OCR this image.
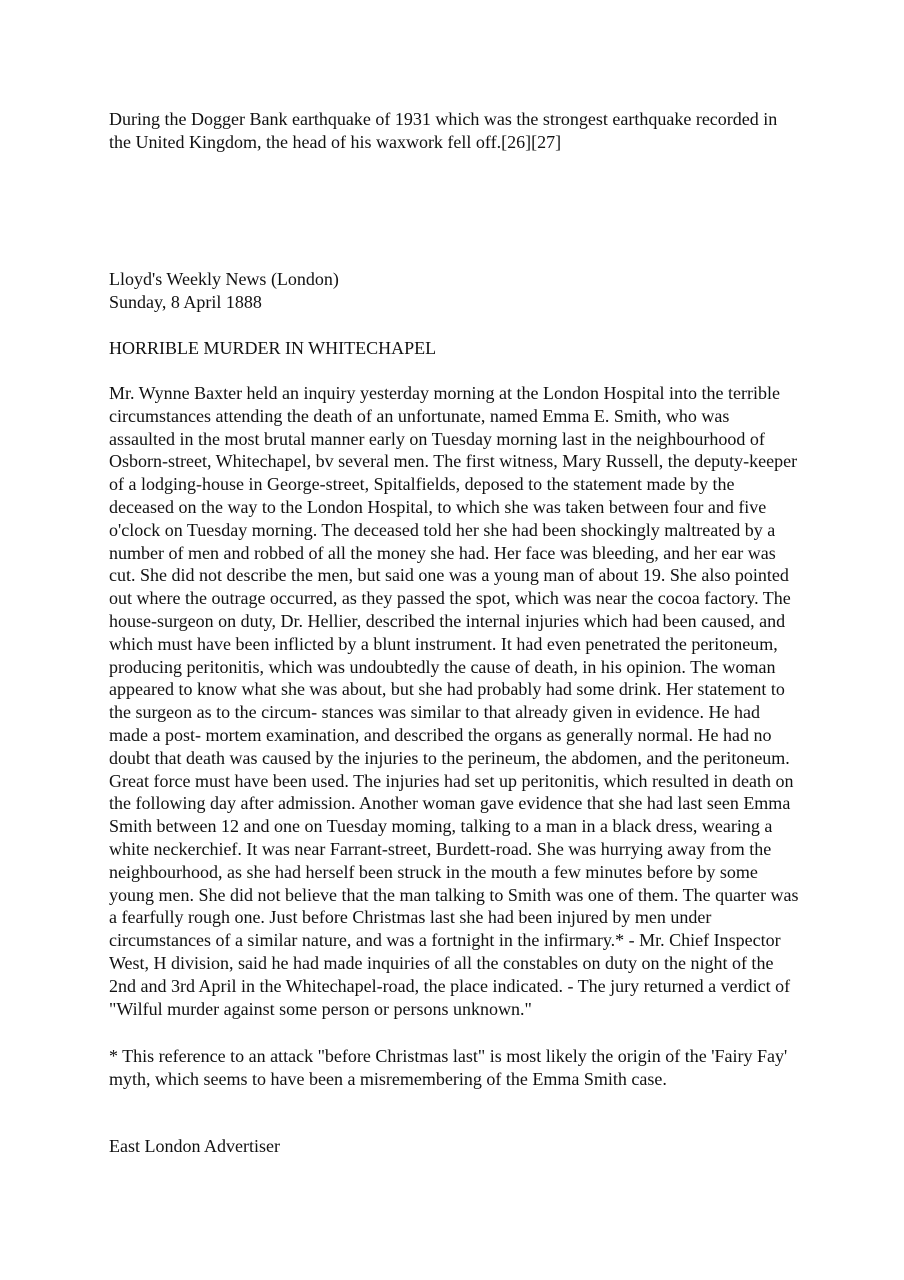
During the Dogger Bank earthquake of 1931 which was the strongest earthquake recorded in the United Kingdom, the head of his waxwork fell off.[26][27]

Lloyd's Weekly News (London)
Sunday, 8 April 1888

HORRIBLE MURDER IN WHITECHAPEL

Mr. Wynne Baxter held an inquiry yesterday morning at the London Hospital into the terrible circumstances attending the death of an unfortunate, named Emma E. Smith, who was assaulted in the most brutal manner early on Tuesday morning last in the neighbourhood of Osborn-street, Whitechapel, bv several men. The first witness, Mary Russell, the deputy-keeper of a lodging-house in George-street, Spitalfields, deposed to the statement made by the deceased on the way to the London Hospital, to which she was taken between four and five o'clock on Tuesday morning. The deceased told her she had been shockingly maltreated by a number of men and robbed of all the money she had. Her face was bleeding, and her ear was cut. She did not describe the men, but said one was a young man of about 19. She also pointed out where the outrage occurred, as they passed the spot, which was near the cocoa factory. The house-surgeon on duty, Dr. Hellier, described the internal injuries which had been caused, and which must have been inflicted by a blunt instrument. It had even penetrated the peritoneum, producing peritonitis, which was undoubtedly the cause of death, in his opinion. The woman appeared to know what she was about, but she had probably had some drink. Her statement to the surgeon as to the circum- stances was similar to that already given in evidence. He had made a post- mortem examination, and described the organs as generally normal. He had no doubt that death was caused by the injuries to the perineum, the abdomen, and the peritoneum. Great force must have been used. The injuries had set up peritonitis, which resulted in death on the following day after admission. Another woman gave evidence that she had last seen Emma Smith between 12 and one on Tuesday moming, talking to a man in a black dress, wearing a white neckerchief. It was near Farrant-street, Burdett-road. She was hurrying away from the neighbourhood, as she had herself been struck in the mouth a few minutes before by some young men. She did not believe that the man talking to Smith was one of them. The quarter was a fearfully rough one. Just before Christmas last she had been injured by men under circumstances of a similar nature, and was a fortnight in the infirmary.* - Mr. Chief Inspector West, H division, said he had made inquiries of all the constables on duty on the night of the 2nd and 3rd April in the Whitechapel-road, the place indicated. - The jury returned a verdict of "Wilful murder against some person or persons unknown."

* This reference to an attack "before Christmas last" is most likely the origin of the 'Fairy Fay' myth, which seems to have been a misremembering of the Emma Smith case.

East London Advertiser
